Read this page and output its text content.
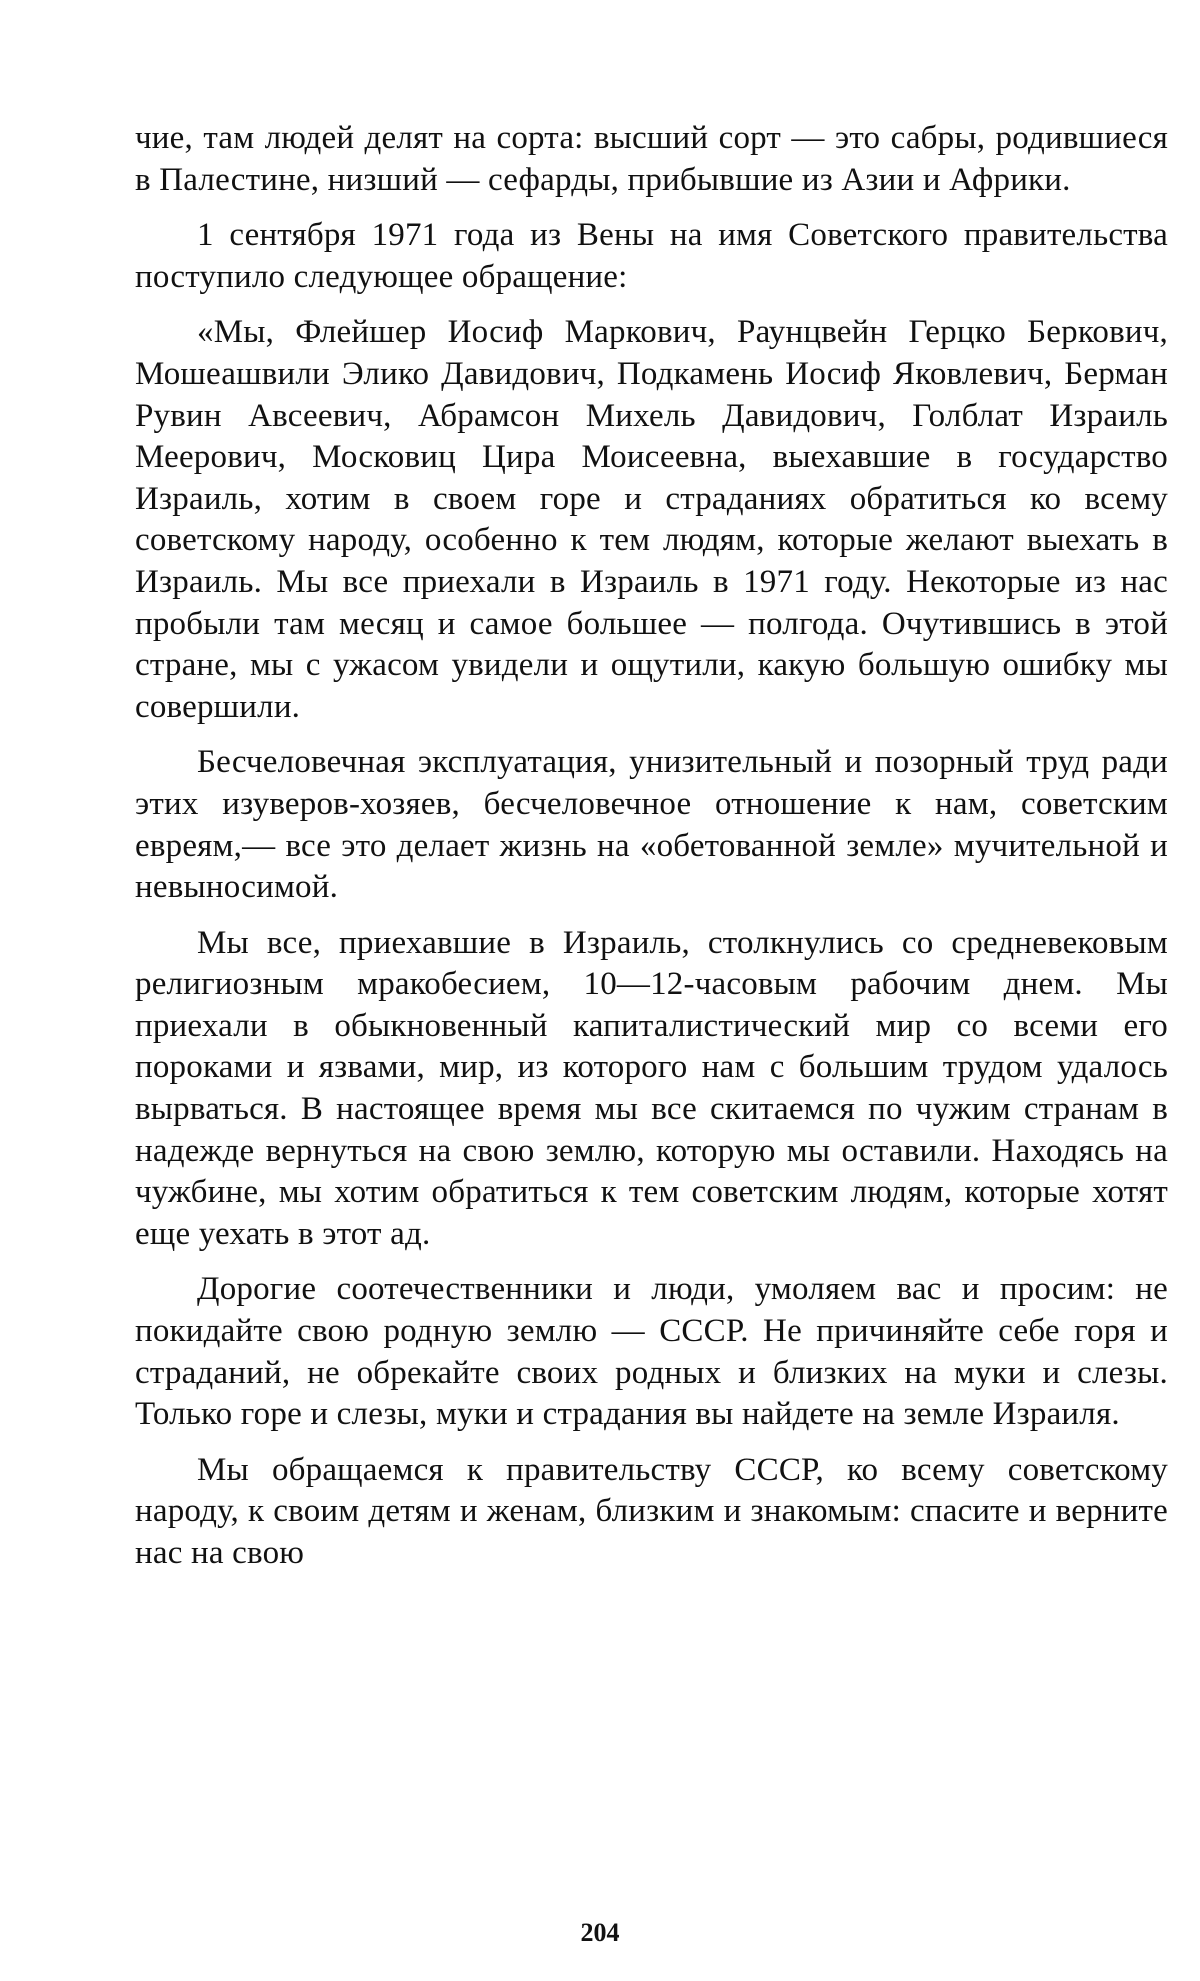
чие, там людей делят на сорта: высший сорт — это сабры, родившиеся в Палестине, низший — сефарды, прибывшие из Азии и Африки.

1 сентября 1971 года из Вены на имя Советского правительства поступило следующее обращение:

«Мы, Флейшер Иосиф Маркович, Раунцвейн Герцко Беркович, Мошеашвили Элико Давидович, Подкамень Иосиф Яковлевич, Берман Рувин Авсеевич, Абрамсон Михель Давидович, Голблат Израиль Меерович, Московиц Цира Моисеевна, выехавшие в государство Израиль, хотим в своем горе и страданиях обратиться ко всему советскому народу, особенно к тем людям, которые желают выехать в Израиль. Мы все приехали в Израиль в 1971 году. Некоторые из нас пробыли там месяц и самое большее — полгода. Очутившись в этой стране, мы с ужасом увидели и ощутили, какую большую ошибку мы совершили.

Бесчеловечная эксплуатация, унизительный и позорный труд ради этих изуверов-хозяев, бесчеловечное отношение к нам, советским евреям,— все это делает жизнь на «обетованной земле» мучительной и невыносимой.

Мы все, приехавшие в Израиль, столкнулись со средневековым религиозным мракобесием, 10—12-часовым рабочим днем. Мы приехали в обыкновенный капиталистический мир со всеми его пороками и язвами, мир, из которого нам с большим трудом удалось вырваться. В настоящее время мы все скитаемся по чужим странам в надежде вернуться на свою землю, которую мы оставили. Находясь на чужбине, мы хотим обратиться к тем советским людям, которые хотят еще уехать в этот ад.

Дорогие соотечественники и люди, умоляем вас и просим: не покидайте свою родную землю — СССР. Не причиняйте себе горя и страданий, не обрекайте своих родных и близких на муки и слезы. Только горе и слезы, муки и страдания вы найдете на земле Израиля.

Мы обращаемся к правительству СССР, ко всему советскому народу, к своим детям и женам, близким и знакомым: спасите и верните нас на свою

204
